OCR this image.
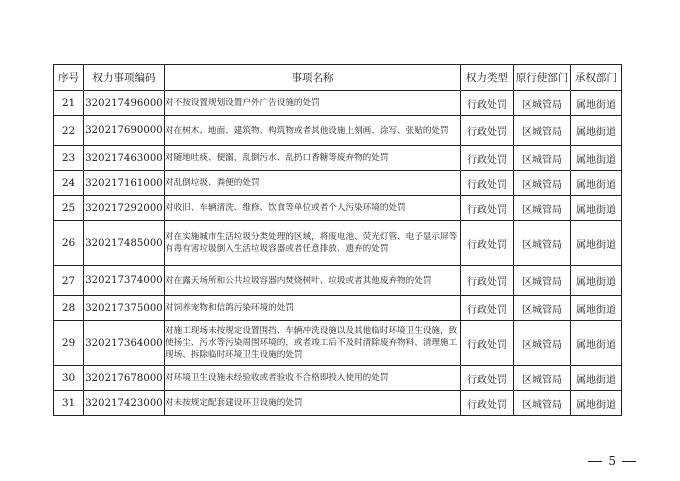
序号	权力事项编码	事项名称	权力类型	原行使部门	承权部门
21	320217496000	对不按设置规划设置户外广告设施的处罚	行政处罚	区城管局	属地街道
22	320217690000	对在树木、地面、建筑物、构筑物或者其他设施上刻画、涂写、张贴的处罚	行政处罚	区城管局	属地街道
23	320217463000	对随地吐痰、便溺，乱倒污水、乱扔口香糖等废弃物的处罚	行政处罚	区城管局	属地街道
24	320217161000	对乱倒垃圾、粪便的处罚	行政处罚	区城管局	属地街道
25	320217292000	对收旧、车辆清洗、维修、饮食等单位或者个人污染环境的处罚	行政处罚	区城管局	属地街道
26	320217485000	对在实施城市生活垃圾分类处理的区域，将废电池、荧光灯管、电子显示屏等有毒有害垃圾倒入生活垃圾容器或者任意排放、遗弃的处罚	行政处罚	区城管局	属地街道
27	320217374000	对在露天场所和公共垃圾容器内焚烧树叶、垃圾或者其他废弃物的处罚	行政处罚	区城管局	属地街道
28	320217375000	对饲养宠物和信鸽污染环境的处罚	行政处罚	区城管局	属地街道
29	320217364000	对施工现场未按规定设置围挡、车辆冲洗设施以及其他临时环境卫生设施，致使扬尘、污水等污染周围环境的，或者竣工后不及时清除废弃物料、清理施工现场、拆除临时环境卫生设施的处罚	行政处罚	区城管局	属地街道
30	320217678000	对环境卫生设施未经验收或者验收不合格即投入使用的处罚	行政处罚	区城管局	属地街道
31	320217423000	对未按规定配套建设环卫设施的处罚	行政处罚	区城管局	属地街道
5
